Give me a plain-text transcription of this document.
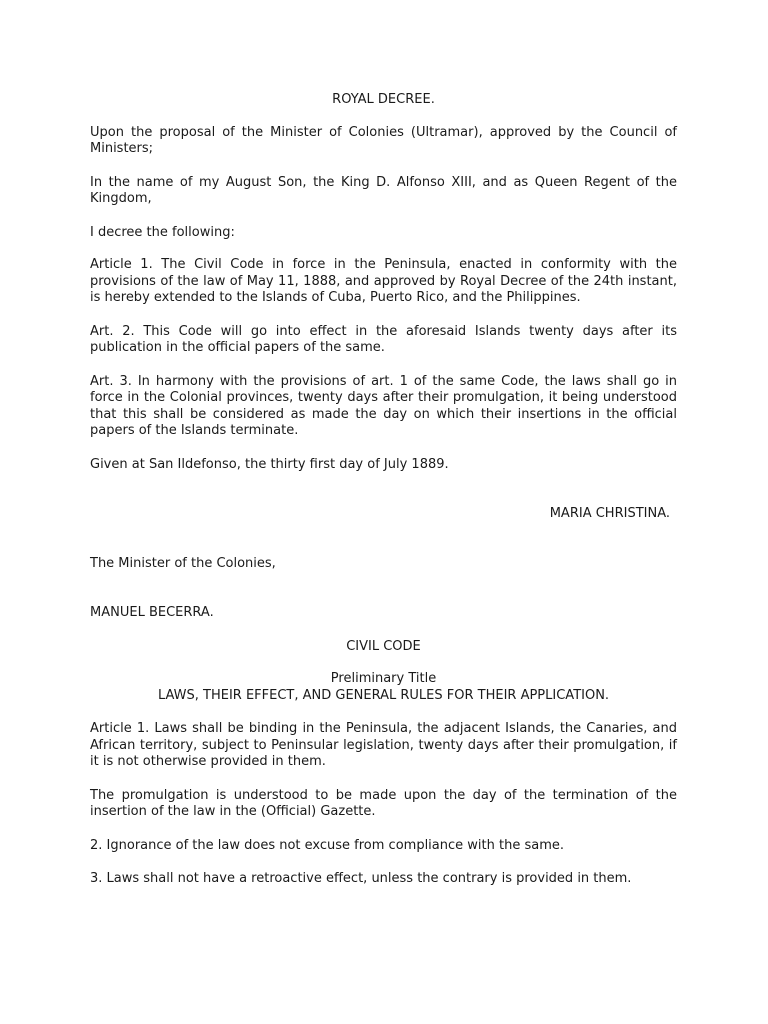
ROYAL DECREE.

Upon the proposal of the Minister of Colonies (Ultramar), approved by the Council of Ministers;

In the name of my August Son, the King D. Alfonso XIII, and as Queen Regent of the Kingdom,

I decree the following:

Article 1. The Civil Code in force in the Peninsula, enacted in conformity with the provisions of the law of May 11, 1888, and approved by Royal Decree of the 24th instant, is hereby extended to the Islands of Cuba, Puerto Rico, and the Philippines.

Art. 2. This Code will go into effect in the aforesaid Islands twenty days after its publication in the official papers of the same.

Art. 3. In harmony with the provisions of art. 1 of the same Code, the laws shall go in force in the Colonial provinces, twenty days after their promulgation, it being understood that this shall be considered as made the day on which their insertions in the official papers of the Islands terminate.

Given at San Ildefonso, the thirty first day of July 1889.

MARIA CHRISTINA.

The Minister of the Colonies,

MANUEL BECERRA.

CIVIL CODE

Preliminary Title

LAWS, THEIR EFFECT, AND GENERAL RULES FOR THEIR APPLICATION.

Article 1. Laws shall be binding in the Peninsula, the adjacent Islands, the Canaries, and African territory, subject to Peninsular legislation, twenty days after their promulgation, if it is not otherwise provided in them.

The promulgation is understood to be made upon the day of the termination of the insertion of the law in the (Official) Gazette.

2. Ignorance of the law does not excuse from compliance with the same.

3. Laws shall not have a retroactive effect, unless the contrary is provided in them.
